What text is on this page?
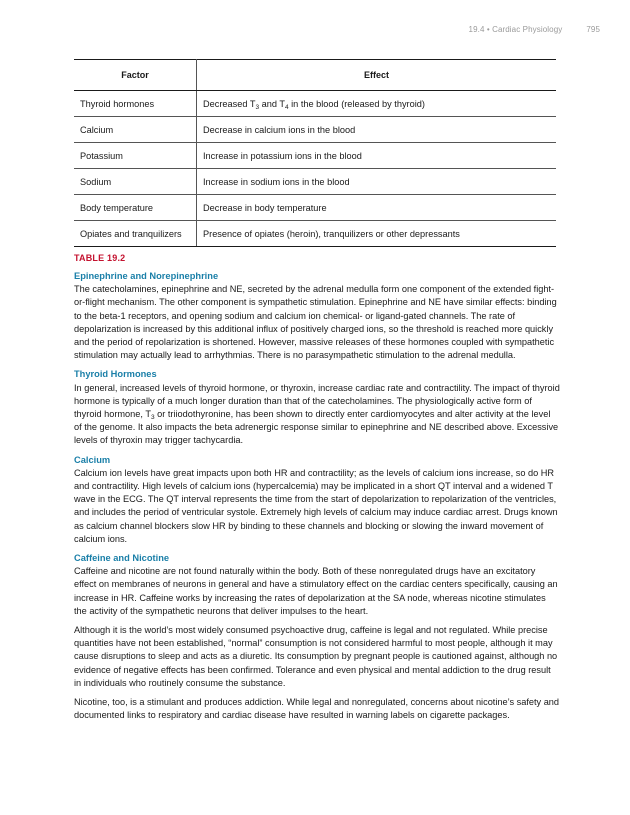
19.4 • Cardiac Physiology	795
Factor	Effect
Thyroid hormones	Decreased $T_3$ and $T_4$ in the blood (released by thyroid)
Calcium	Decrease in calcium ions in the blood
Potassium	Increase in potassium ions in the blood
Sodium	Increase in sodium ions in the blood
Body temperature	Decrease in body temperature
Opiates and tranquilizers	Presence of opiates (heroin), tranquilizers or other depressants
TABLE 19.2
Epinephrine and Norepinephrine

The catecholamines, epinephrine and NE, secreted by the adrenal medulla form one component of the extended fight-or-flight mechanism. The other component is sympathetic stimulation. Epinephrine and NE have similar effects: binding to the beta-1 receptors, and opening sodium and calcium ion chemical- or ligand-gated channels. The rate of depolarization is increased by this additional influx of positively charged ions, so the threshold is reached more quickly and the period of repolarization is shortened. However, massive releases of these hormones coupled with sympathetic stimulation may actually lead to arrhythmias. There is no parasympathetic stimulation to the adrenal medulla.

Thyroid Hormones

In general, increased levels of thyroid hormone, or thyroxin, increase cardiac rate and contractility. The impact of thyroid hormone is typically of a much longer duration than that of the catecholamines. The physiologically active form of thyroid hormone, $T_3$ or triiodothyronine, has been shown to directly enter cardiomyocytes and alter activity at the level of the genome. It also impacts the beta adrenergic response similar to epinephrine and NE described above. Excessive levels of thyroxin may trigger tachycardia.

Calcium

Calcium ion levels have great impacts upon both HR and contractility; as the levels of calcium ions increase, so do HR and contractility. High levels of calcium ions (hypercalcemia) may be implicated in a short QT interval and a widened T wave in the ECG. The QT interval represents the time from the start of depolarization to repolarization of the ventricles, and includes the period of ventricular systole. Extremely high levels of calcium may induce cardiac arrest. Drugs known as calcium channel blockers slow HR by binding to these channels and blocking or slowing the inward movement of calcium ions.

Caffeine and Nicotine

Caffeine and nicotine are not found naturally within the body. Both of these nonregulated drugs have an excitatory effect on membranes of neurons in general and have a stimulatory effect on the cardiac centers specifically, causing an increase in HR. Caffeine works by increasing the rates of depolarization at the SA node, whereas nicotine stimulates the activity of the sympathetic neurons that deliver impulses to the heart.

Although it is the world’s most widely consumed psychoactive drug, caffeine is legal and not regulated. While precise quantities have not been established, “normal” consumption is not considered harmful to most people, although it may cause disruptions to sleep and acts as a diuretic. Its consumption by pregnant people is cautioned against, although no evidence of negative effects has been confirmed. Tolerance and even physical and mental addiction to the drug result in individuals who routinely consume the substance.

Nicotine, too, is a stimulant and produces addiction. While legal and nonregulated, concerns about nicotine’s safety and documented links to respiratory and cardiac disease have resulted in warning labels on cigarette packages.
